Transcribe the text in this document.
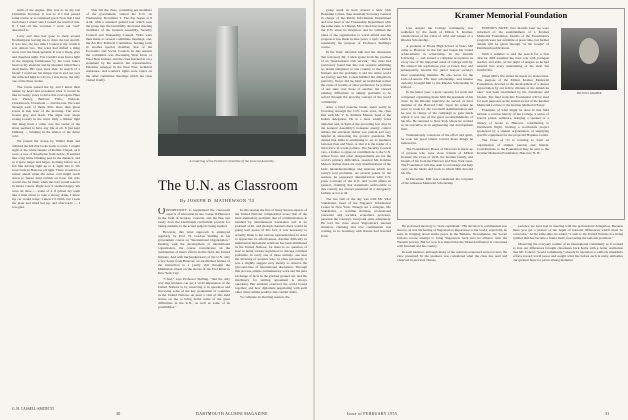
team of the engine. This was to be my last Christmas Vacation. It was so if I had passed some course or so remained good. Now that I had been there I wasn't sure I looked the result of this. If I had all the vacation I went out "sad" described it.

Larry and Jake had gone to sleep around Northampton leaving me to drive the last stretch. It was late; the last time I looked at my watch it was almost two. The wind had drifted a thing snow over the bleak uplands. It was a black, grey and cheerless night. You couldn't even find a light in the sleeping farmhouses by the road. Jake's head on my shoulder and he shoulder lolled like a dead man's. His eyes were shut. In search of a friend. I could see his temper rise in and out over the reflected light as I drove. I was alone, the only one of the three awake.

The towns passed me by, and I knew their names by heart and wondered what it would be like in twenty years to drive this road again. Here was Putney, Bellows Falls, Walpole, Charlestown, Claremont — and the rest. We went through each of them, little more than ghost towns at that hour of the morning. The snow frozen grey and black. The signs over shops swung loosely in the wind. Only a blinker light that hung from a cable over the center of the street seemed to have any life at all. It just kept blinking — blinking in the silence of the dense cold.

We passed the sweep by Wilder Dam and climbed the hill that looks north to town. I caught sight of the white steeple of Rollins Chapel, as it were, a tree of Roseliplus from below. It seemed like a big white blinking post in the distance, and as it grew larger and larger, looming before us, I felt like driving right up to it, right into it. We were back in Hanover all right. There would be a winter ahead when the dense cold might reach down to freeze hard tarnish on bare; but who would also be times when the cold would reserve in amore course. Right now it seemed happy. We were all there — some of it if gritted my teeth like a man about to take a strong drink. I knew my car would water; I knew I'd climb, but I took the glass and tilted her up, and afterwards — I was glad.

G. H. CASSELL-SMITH '55

This fall the class, consisting ten members of the government, visited the U.N. on Wednesday, November 3. The day began at 9 A.M. with a standard guided tour which took the group into the beautifully decorated meeting chambers of the General Assembly, Security Council and Trusteeship Council. Visits were then made to several committee meetings, one, the Ad Hoc Political Committee, holding forth in another special chamber, that of the Economic and Social Council. In this session the committee was discussing West Irian, or West New Guinea, and the class listened in on a statement by the Austral. ian representative, Palestine refugees in the Near East, technical assistance, and women's rights were topics on the other committee meetings which the class visited briefly.

A rendering of the Political Committee of the General Assembly.
The U.N. as Classroom
By JOSEPH D. MATHEWSON '55

OPPORTUNITY to supplement the classroom aspects of education in one course in Hanover in the form of lectures, concerts, and the like, but rarely does the Dartmouth curriculum provide for taking students to the actual subjects being studied.

However, this latter approach is employed regularly by Prof. H. Gordon Skilling in his government course on "International Organization." Dealing with the development of international organization, the course concentrates on the culmination of man's efforts in this field, the United Nations. And with the headquarters of the U.N. only a few hours from Hanover, an established feature of the instruction is a yearly visit through the Manhattan streets on the shores of the East River in New York City.

"I feel," says Professor Skilling, "that the only way that students can get a vivid impression of the United Nations is by observing it in operation and surveying some of the key spokesmen of countries in the United Nations. At least a visit of this kind serves on me to bring home some of the great difficulties in the U.N., as well as some of its possibilities."

In this session the first of many known aspects of the United Nations' complexities arose: that of the most elementary problem, that of communication, is handled by simultaneous translation and is no problem at all, and through channels there would be going well aware of this fact, it was necessary to actually listen to the various representatives in order to appreciate its effectiveness. Another difficulty in multilateral diplomatic relations has been eliminated in the United Nations, for there is no question of how or being various legislators to discuss common problems. In every one of these settings, one sees the diversity of peoples who, in class previously, it was a slightly suggest easy merely to observe the give-and-take of international discussion. Through this process, simple parliamentary work and the pure exchange of facts in the gradual ground out, and the machinery for settling agreement is always operating. But students observed the world bound together; and how diplomats negotiating with each other often remain positive and contain drafts.

To complete its morning session, the

30	DARTMOUTH ALUMNI MAGAZINE

group spent an hour around a table with Benjamin Cohen, then Assistant Secretary General in charge of the Public Information Department and now head of the Trusteeship Department with the same rank. A Chilean, Mr. Cohen has been with the U.N. since its inception, and he outlined the plans of the organization to world affairs and the progress it has made in nine years, a topic which is essentially the purpose of Professor Skilling's course.

In his brief, informal talk and the discussion that followed, Mr. Cohen spoke from his position of an "international civil servant." The class had previously found that this role requires admitting no denial allegiance to one country or the United Nations and the problems it and the entire world are facing; and Mr. Cohen fulfilled his obligations perfectly. Never did he label an individual nation the cause of trouble or show preference for policies of one state over those of another, but viewed existing difficulties as simply problems to be solved through the growing concept of the world community.

After a brief exercise break, spent partly in browsing through the U.N. book store, the class met with Mr. V. K. Krishna Menon, head of the Indian delegation. He is a most widely feted diplomat and, in light of the preceding few days in the General Assembly's nonsense energy control debate, the articulate Indian was patient and very helpful in answering the group's questions. He denied that India is attempting to act as mediator between East and West, or that it is the leader of a third force in world politics. The Security Council veto, a failure to agree on contributions to the U.N. armed force, and other disagreements are not the world's primary difficulties, asserted Mr. Krishna Menon. Rather these are only manifestations of the basic misunderstandings and tensions which are today's real problems. As several points in the session, he expressed dissatisfaction with U.S. press coverage of the U.N. and world affairs in general, claiming that statements unfavorable to this country are always presented in a derogatory fashion or not at all.

The last visit of the day was with Mr. Vilar Vainshabar, head of the Yugoslav Information Center in New York. Though not a delegate, Mr. Vainshabar, a wartime Partisan, professional journalist and socialist economics professor, personal the country's viewpoint quite adequately. He told the class about Yugoslavia's internal situation, claiming that true communism was coming, in its boundary with Russia had reverted from

Kramer Memorial Foundation

Last August the College community was saddened by the death of Milton S. Kramer, valedictorian of the Class of 1933 and winner of a Rhodes Scholarship.

A graduate of Bronx High School at State, Mil came to Hanover in the fall and began his varied achievements in scholarship. In the months following — and earned a complete acceptance in every one of the important areas of college activity. He entered his sophomore year at Green Key and subsequently became the junior honors society's most outstanding member. He also wrote for the Jack-o-Lantern. His later scholarship, and intense curiosity brought him to the Rhodes Scholarship in Oxford.

In his junior year, a great capacity for work and competent organizing made Milt the president of his class. In his Rhodes interview he served as brief member of the Harvard Club. Upon his return he went to work for the Goodwill Administration and he was in charge of the campaign to gain funds which it was one of the great accomplishments of his life. He returned to New York where he worked as an executive in an engineering and development firm.

Tremendously conscious of his effort and spirit, he took his great talents toward those things he believed in.

The Foundation's Board of Directors is made up of persons who were close friends of Milton Kramer: the Class of 1933, the Kramer family, and friends of his from the Hanover and New York areas. The Foundation will also seek to encourage and help carry on the ideals and work to which Milt devoted his life.

In December Milt was considered the recipient of the Gilkeson Memorial Scholarship

EDITOR'S NOTE: Two months later we were informed of the establishment of a Kramer Memorial Foundation. Details of the Foundation's program were not available at press time, but further details will be given through "at the trough" of Dartmouth publications.

With a summer to end the search for a first director, Milt assumed the class role with youngest teacher, and state, on the night of August as he had entered into every undertaking of his short but fruitful life.

When Milt's life ended he needs no elaboration. The purpose of the Milton Kramer Memorial Foundation, devoted to the development of a deeper appreciation by our fellow citizens of the American idea," has been established by his classmates and friends. The fund from this Foundation will be used for such purposes as the annual award of the Kramer Memorial Lecture or the Kramer Memorial Essay.

Examples of what might be done in this field include a concise history of the College, a series of honors prizes, seminars, bringing a speaker or a library of books to Hanover, contributing to Dartmouth Night, backing a worthwhile project sponsored by a student organization, or supplying specific equipment for the projected Hopkins Center.

The Class of '33 is working to form an organization of alumni, parents and friends. Contributions to the Foundation may be sent to the Kramer Memorial Foundation, Hanover, N. H.

MILTON S. KRAMER

He professed ideology to "state capitalism." His devotion to communism was sincere, as was his feeling of Yugoslavia's importance to the world, especially, he said, in bringing about stable peace in the Balkans. Nevertheless, the Soviet Union's recent attempt to bring Yugoslavia back into its alliance with the Western powers. But for now it is shared that the Western influence is concerned with freedom and his country.

In each instance, although many of the opinions expressed were not new, the view presented by the speakers was considered what the class has read and observed in previous classes.

perience we have had in meeting with the professional delegation. Because there you get a picture of the depth of national differences which must be overcome." At the same time, he added, "a visit to the United Nations is a living symbol that has become a future itself, forecasting the national positions."

Observing the everyday routine of an international community as it worked to iron out differences brought classmates back home with a better realization that Mr. Cohen's "world community," already in operation to embody mankind's efforts toward world peace and sought what lies before such in unity, embodies our greatest hope for peace among mankind.

Issue of FEBRUARY 1955	31
